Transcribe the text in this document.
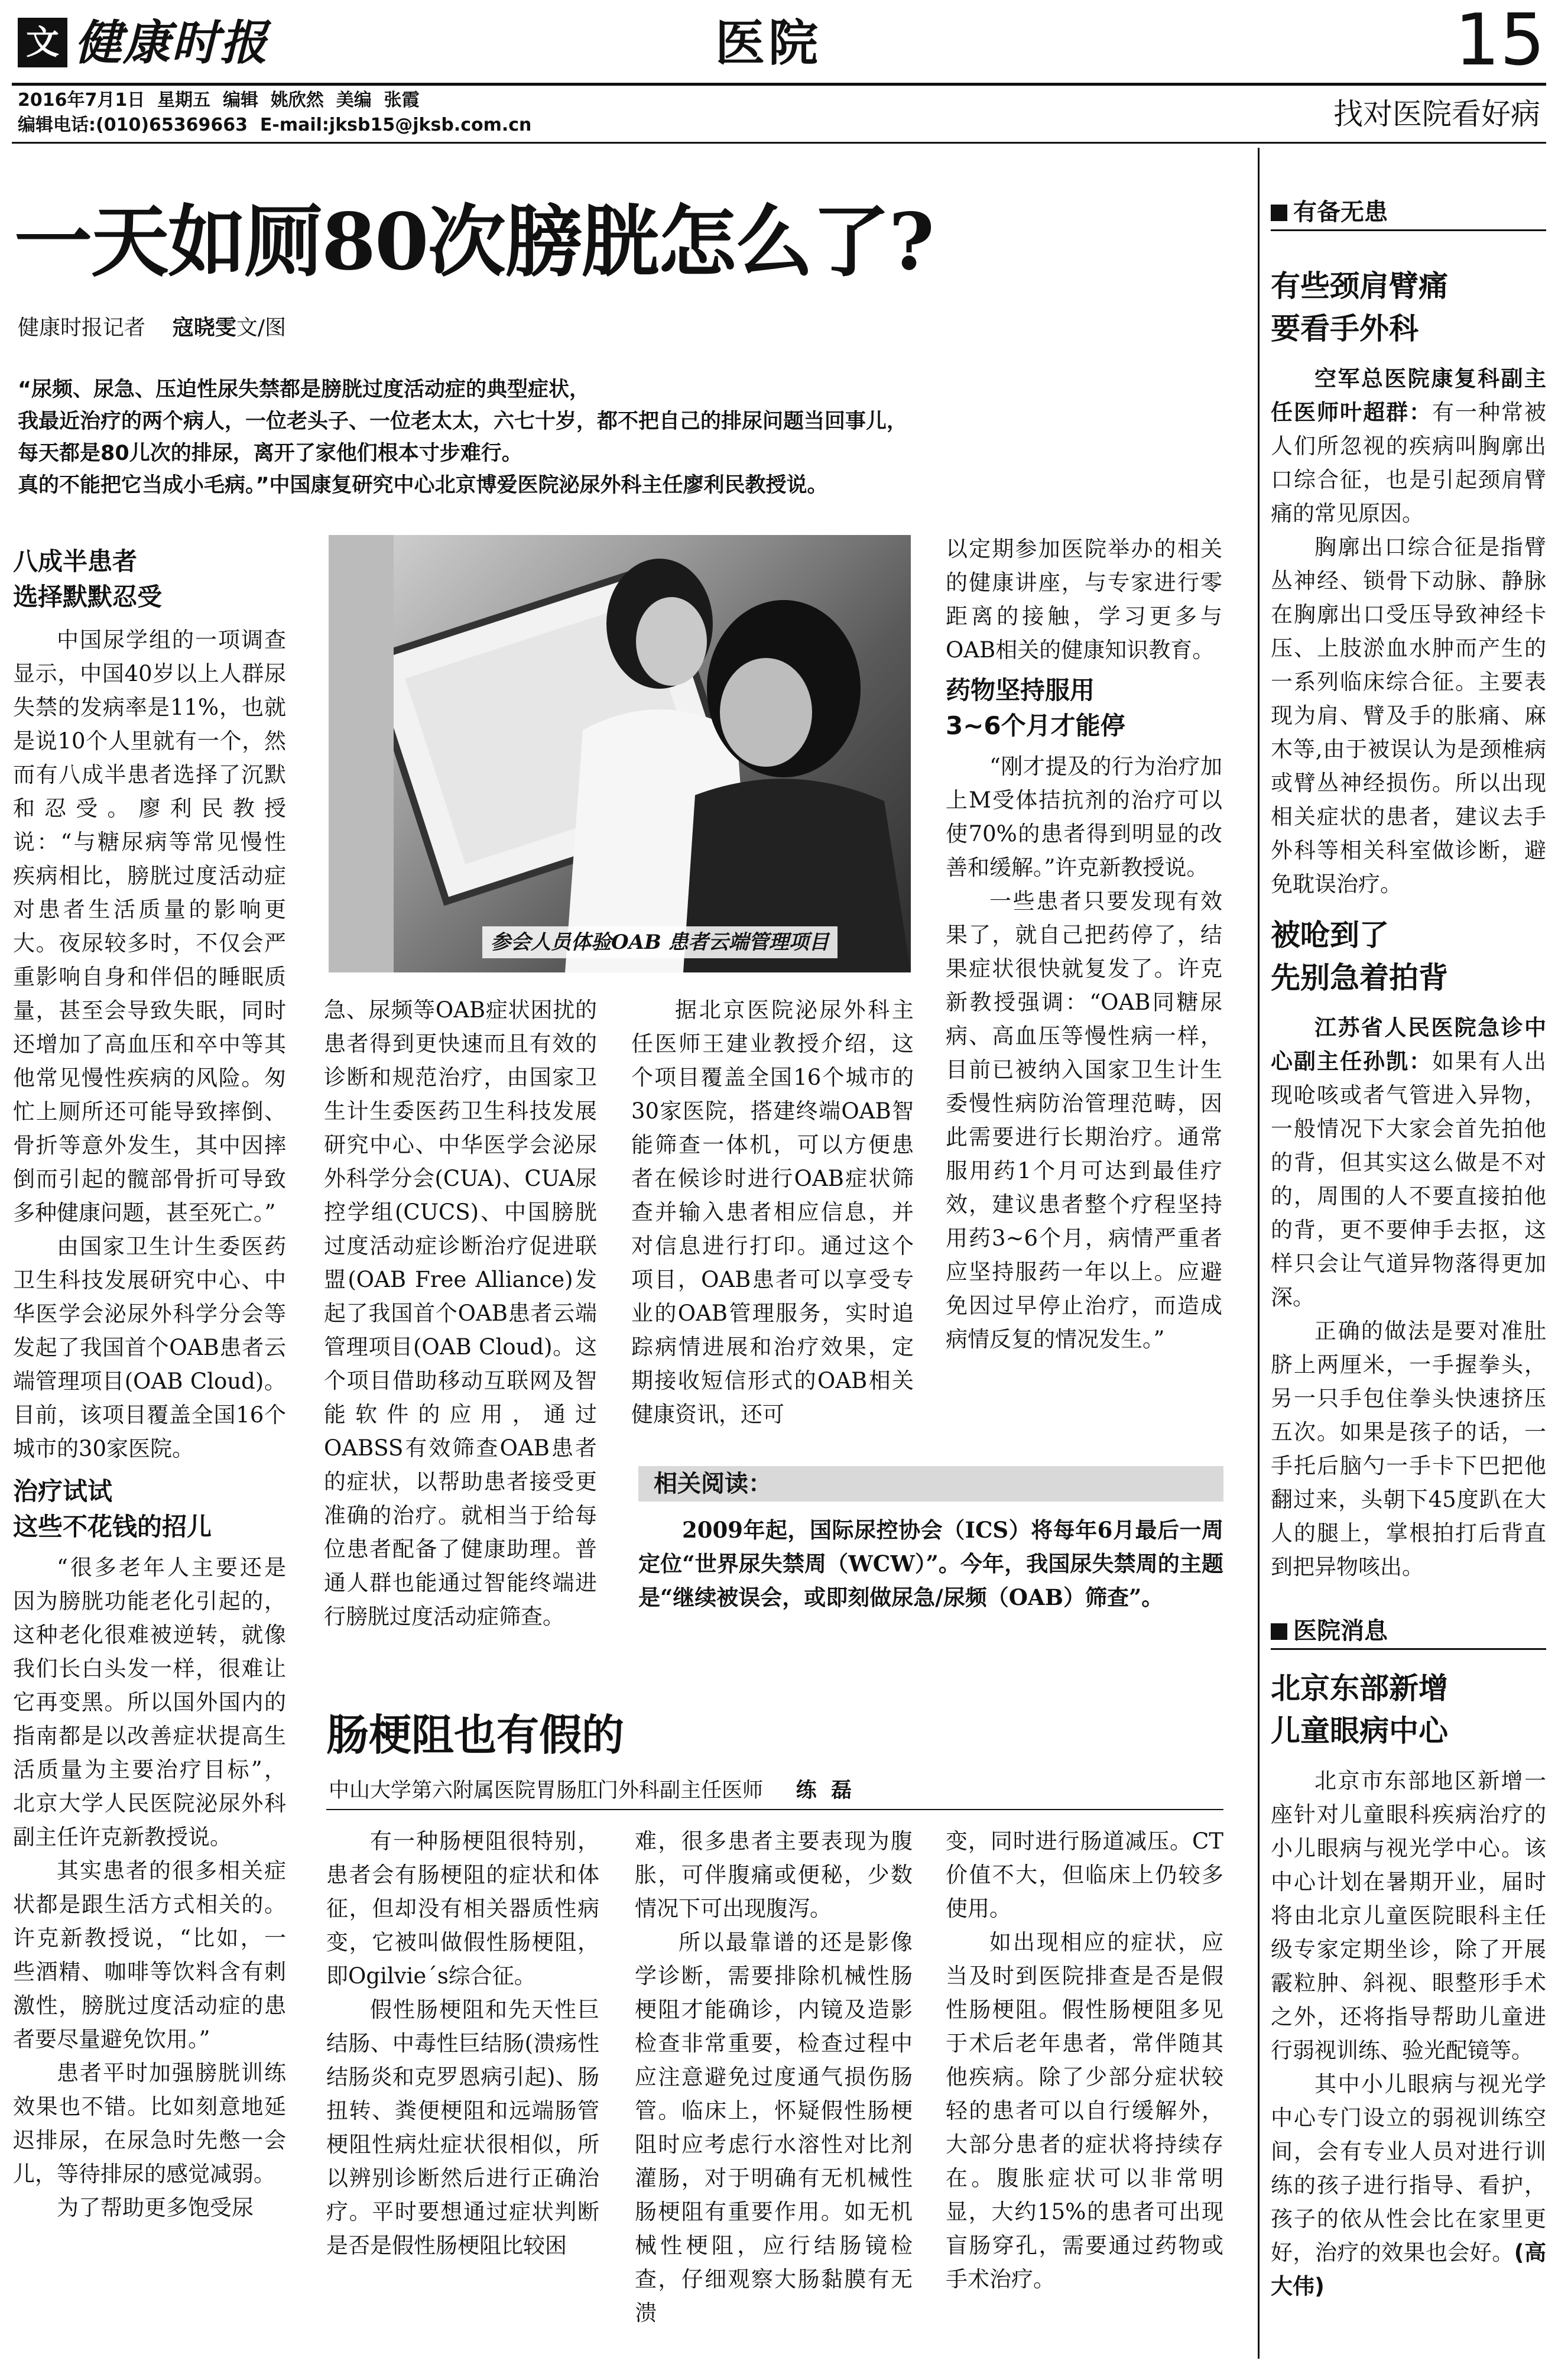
文 健康时报	医院	15
2016年7月1日  星期五  编辑  姚欣然  美编  张霞
编辑电话:(010)65369663  E-mail:jksb15@jksb.com.cn	找对医院看好病
一天如厕80次膀胱怎么了?
健康时报记者 寇晓雯文/图
“尿频、尿急、压迫性尿失禁都是膀胱过度活动症的典型症状，
我最近治疗的两个病人，一位老头子、一位老太太，六七十岁，都不把自己的排尿问题当回事儿，
每天都是80儿次的排尿，离开了家他们根本寸步难行。
真的不能把它当成小毛病。”中国康复研究中心北京博爱医院泌尿外科主任廖利民教授说。
参会人员体验OAB 患者云端管理项目
八成半患者
选择默默忍受

中国尿学组的一项调查显示，中国40岁以上人群尿失禁的发病率是11%，也就是说10个人里就有一个，然而有八成半患者选择了沉默和忍受。廖利民教授说：“与糖尿病等常见慢性疾病相比，膀胱过度活动症对患者生活质量的影响更大。夜尿较多时，不仅会严重影响自身和伴侣的睡眠质量，甚至会导致失眠，同时还增加了高血压和卒中等其他常见慢性疾病的风险。匆忙上厕所还可能导致摔倒、骨折等意外发生，其中因摔倒而引起的髋部骨折可导致多种健康问题，甚至死亡。”

由国家卫生计生委医药卫生科技发展研究中心、中华医学会泌尿外科学分会等发起了我国首个OAB患者云端管理项目(OAB Cloud)。目前，该项目覆盖全国16个城市的30家医院。

治疗试试
这些不花钱的招儿

“很多老年人主要还是因为膀胱功能老化引起的，这种老化很难被逆转，就像我们长白头发一样，很难让它再变黑。所以国外国内的指南都是以改善症状提高生活质量为主要治疗目标”，北京大学人民医院泌尿外科副主任许克新教授说。

其实患者的很多相关症状都是跟生活方式相关的。许克新教授说，“比如，一些酒精、咖啡等饮料含有刺激性，膀胱过度活动症的患者要尽量避免饮用。”

患者平时加强膀胱训练效果也不错。比如刻意地延迟排尿，在尿急时先憋一会儿，等待排尿的感觉减弱。

为了帮助更多饱受尿

急、尿频等OAB症状困扰的患者得到更快速而且有效的诊断和规范治疗，由国家卫生计生委医药卫生科技发展研究中心、中华医学会泌尿外科学分会(CUA)、CUA尿控学组(CUCS)、中国膀胱过度活动症诊断治疗促进联盟(OAB Free Alliance)发起了我国首个OAB患者云端管理项目(OAB Cloud)。这个项目借助移动互联网及智能软件的应用，通过OABSS有效筛查OAB患者的症状，以帮助患者接受更准确的治疗。就相当于给每位患者配备了健康助理。普通人群也能通过智能终端进行膀胱过度活动症筛查。

据北京医院泌尿外科主任医师王建业教授介绍，这个项目覆盖全国16个城市的30家医院，搭建终端OAB智能筛查一体机，可以方便患者在候诊时进行OAB症状筛查并输入患者相应信息，并对信息进行打印。通过这个项目，OAB患者可以享受专业的OAB管理服务，实时追踪病情进展和治疗效果，定期接收短信形式的OAB相关健康资讯，还可

以定期参加医院举办的相关的健康讲座，与专家进行零距离的接触，学习更多与OAB相关的健康知识教育。

药物坚持服用
3~6个月才能停

“刚才提及的行为治疗加上M受体拮抗剂的治疗可以使70%的患者得到明显的改善和缓解。”许克新教授说。

一些患者只要发现有效果了，就自己把药停了，结果症状很快就复发了。许克新教授强调：“OAB同糖尿病、高血压等慢性病一样，目前已被纳入国家卫生计生委慢性病防治管理范畴，因此需要进行长期治疗。通常服用药1个月可达到最佳疗效，建议患者整个疗程坚持用药3~6个月，病情严重者应坚持服药一年以上。应避免因过早停止治疗，而造成病情反复的情况发生。”

相关阅读：
2009年起，国际尿控协会（ICS）将每年6月最后一周定位“世界尿失禁周（WCW）”。今年，我国尿失禁周的主题是“继续被误会，或即刻做尿急/尿频（OAB）筛查”。
肠梗阻也有假的
中山大学第六附属医院胃肠肛门外科副主任医师 练  磊

有一种肠梗阻很特别，患者会有肠梗阻的症状和体征，但却没有相关器质性病变，它被叫做假性肠梗阻，即Ogilvie´s综合征。

假性肠梗阻和先天性巨结肠、中毒性巨结肠(溃疡性结肠炎和克罗恩病引起)、肠扭转、粪便梗阻和远端肠管梗阻性病灶症状很相似，所以辨别诊断然后进行正确治疗。平时要想通过症状判断是否是假性肠梗阻比较困

难，很多患者主要表现为腹胀，可伴腹痛或便秘，少数情况下可出现腹泻。

所以最靠谱的还是影像学诊断，需要排除机械性肠梗阻才能确诊，内镜及造影检查非常重要，检查过程中应注意避免过度通气损伤肠管。临床上，怀疑假性肠梗阻时应考虑行水溶性对比剂灌肠，对于明确有无机械性肠梗阻有重要作用。如无机械性梗阻，应行结肠镜检查，仔细观察大肠黏膜有无溃

变，同时进行肠道减压。CT价值不大，但临床上仍较多使用。

如出现相应的症状，应当及时到医院排查是否是假性肠梗阻。假性肠梗阻多见于术后老年患者，常伴随其他疾病。除了少部分症状较轻的患者可以自行缓解外，大部分患者的症状将持续存在。腹胀症状可以非常明显，大约15%的患者可出现盲肠穿孔，需要通过药物或手术治疗。

有备无患
有些颈肩臂痛
要看手外科

空军总医院康复科副主任医师叶超群：有一种常被人们所忽视的疾病叫胸廓出口综合征，也是引起颈肩臂痛的常见原因。

胸廓出口综合征是指臂丛神经、锁骨下动脉、静脉在胸廓出口受压导致神经卡压、上肢淤血水肿而产生的一系列临床综合征。主要表现为肩、臂及手的胀痛、麻木等,由于被误认为是颈椎病或臂丛神经损伤。所以出现相关症状的患者，建议去手外科等相关科室做诊断，避免耽误治疗。

被呛到了
先别急着拍背

江苏省人民医院急诊中心副主任孙凯：如果有人出现呛咳或者气管进入异物，一般情况下大家会首先拍他的背，但其实这么做是不对的，周围的人不要直接拍他的背，更不要伸手去抠，这样只会让气道异物落得更加深。

正确的做法是要对准肚脐上两厘米，一手握拳头，另一只手包住拳头快速挤压五次。如果是孩子的话，一手托后脑勺一手卡下巴把他翻过来，头朝下45度趴在大人的腿上，掌根拍打后背直到把异物咳出。

医院消息
北京东部新增
儿童眼病中心

北京市东部地区新增一座针对儿童眼科疾病治疗的小儿眼病与视光学中心。该中心计划在暑期开业，届时将由北京儿童医院眼科主任级专家定期坐诊，除了开展霰粒肿、斜视、眼整形手术之外，还将指导帮助儿童进行弱视训练、验光配镜等。

其中小儿眼病与视光学中心专门设立的弱视训练空间，会有专业人员对进行训练的孩子进行指导、看护，孩子的依从性会比在家里更好，治疗的效果也会好。(高大伟)
